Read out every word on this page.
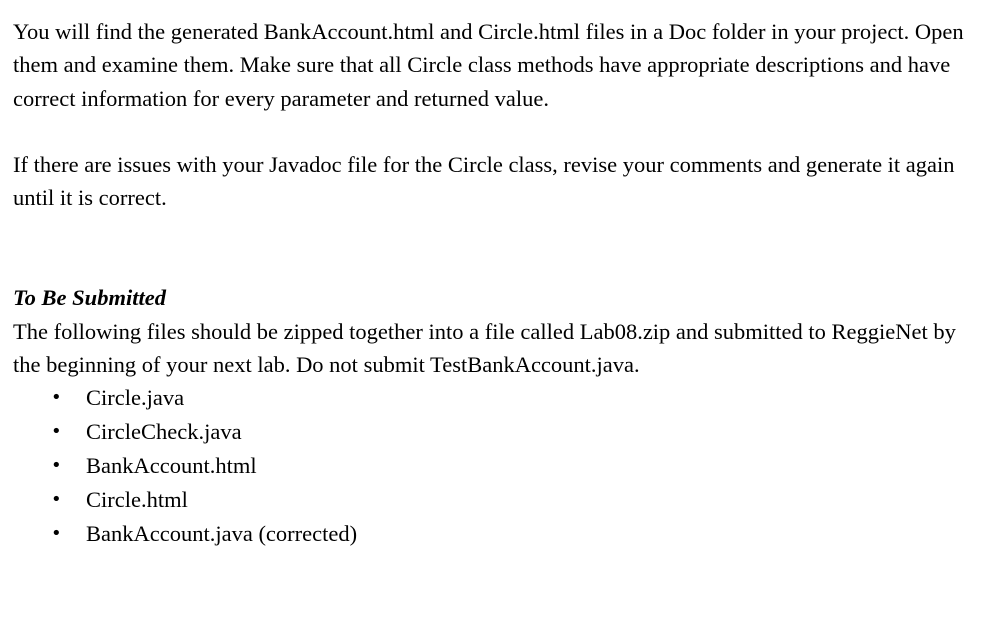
You will find the generated BankAccount.html and Circle.html files in a Doc folder in your project. Open them and examine them. Make sure that all Circle class methods have appropriate descriptions and have correct information for every parameter and returned value.

If there are issues with your Javadoc file for the Circle class, revise your comments and generate it again until it is correct.

To Be Submitted

The following files should be zipped together into a file called Lab08.zip and submitted to ReggieNet by the beginning of your next lab. Do not submit TestBankAccount.java.

• Circle.java
• CircleCheck.java
• BankAccount.html
• Circle.html
• BankAccount.java (corrected)
